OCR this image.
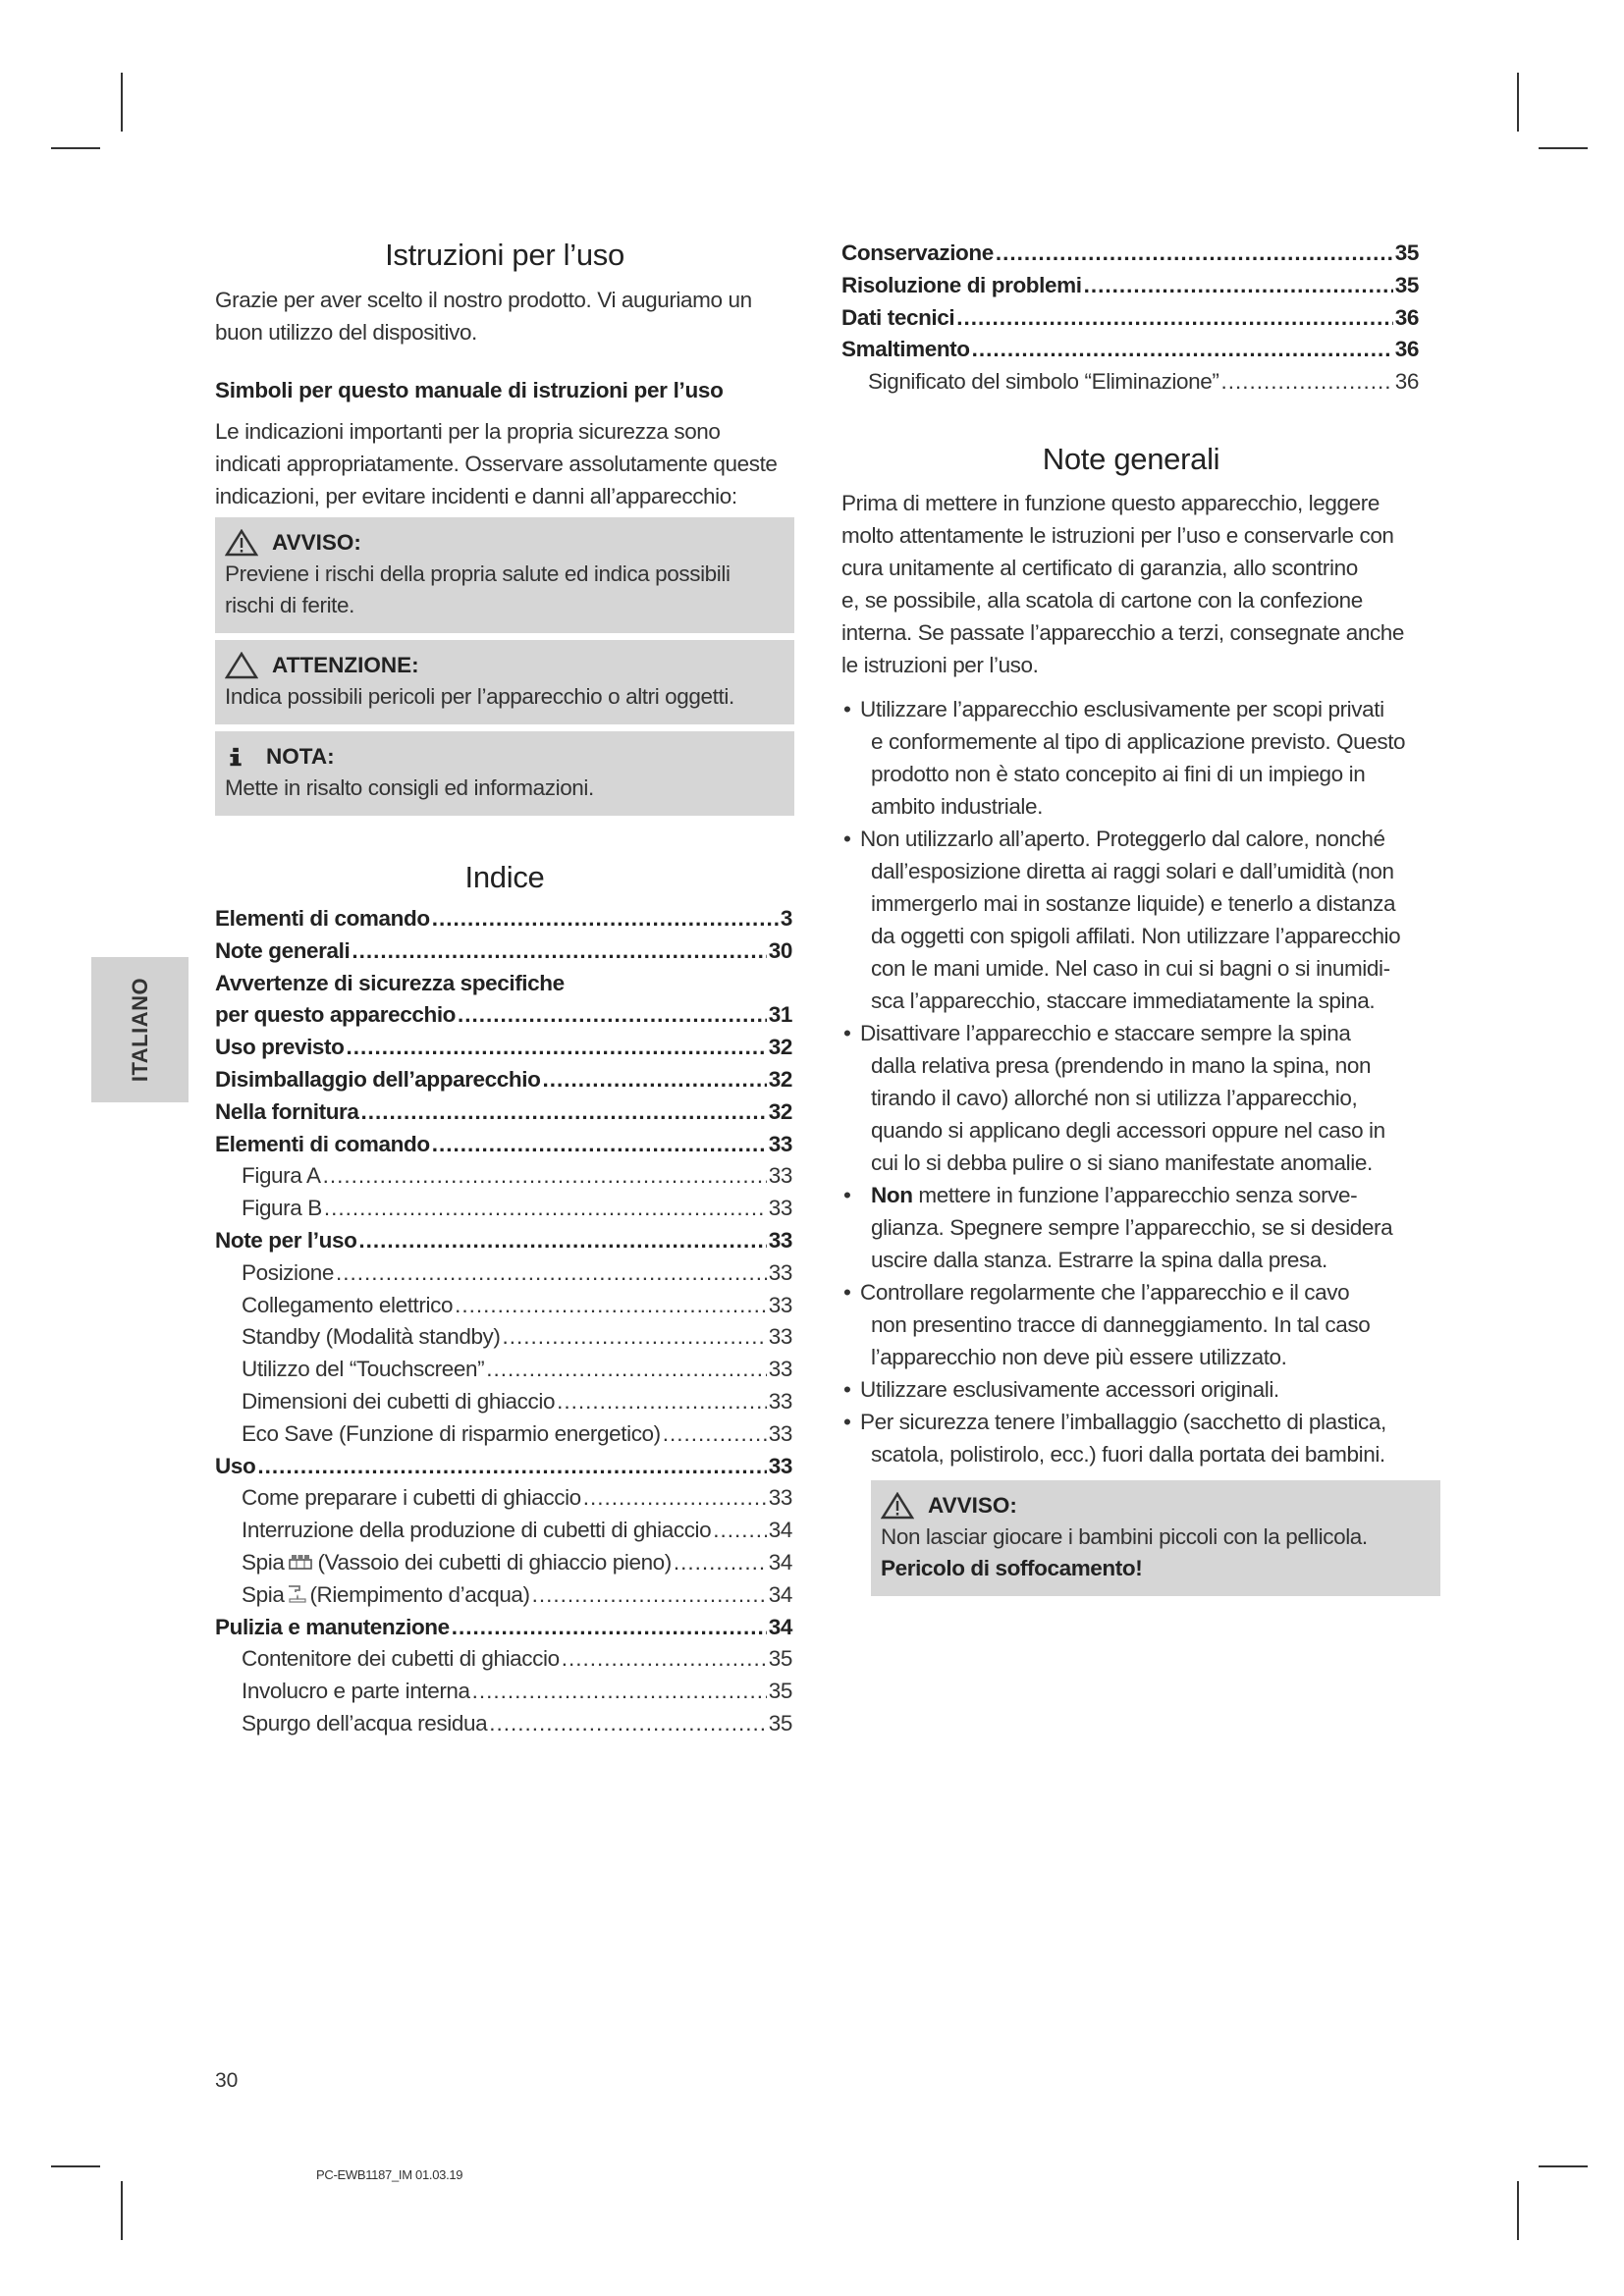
ITALIANO
Istruzioni per l’uso
Grazie per aver scelto il nostro prodotto. Vi auguriamo un
buon utilizzo del dispositivo.
Simboli per questo manuale di istruzioni per l’uso
Le indicazioni importanti per la propria sicurezza sono
indicati appropriatamente. Osservare assolutamente queste
indicazioni, per evitare incidenti e danni all’apparecchio:
AVVISO:
Previene i rischi della propria salute ed indica possibili
rischi di ferite.
ATTENZIONE:
Indica possibili pericoli per l’apparecchio o altri oggetti.
NOTA:
Mette in risalto consigli ed informazioni.
Indice
Elementi di comando .....	3
Note generali .....	30
Avvertenze di sicurezza specifiche
per questo apparecchio .....	31
Uso previsto .....	32
Disimballaggio dell’apparecchio .....	32
Nella fornitura .....	32
Elementi di comando .....	33
Figura A .....	33
Figura B .....	33
Note per l’uso .....	33
Posizione .....	33
Collegamento elettrico .....	33
Standby (Modalità standby) .....	33
Utilizzo del “Touchscreen” .....	33
Dimensioni dei cubetti di ghiaccio .....	33
Eco Save (Funzione di risparmio energetico) .....	33
Uso .....	33
Come preparare i cubetti di ghiaccio .....	33
Interruzione della produzione di cubetti di ghiaccio .....	34
Spia (Vassoio dei cubetti di ghiaccio pieno) .....	34
Spia (Riempimento d’acqua) .....	34
Pulizia e manutenzione .....	34
Contenitore dei cubetti di ghiaccio .....	35
Involucro e parte interna .....	35
Spurgo dell’acqua residua .....	35
Conservazione .....	35
Risoluzione di problemi .....	35
Dati tecnici .....	36
Smaltimento .....	36
Significato del simbolo “Eliminazione” .....	36
Note generali
Prima di mettere in funzione questo apparecchio, leggere
molto attentamente le istruzioni per l’uso e conservarle con
cura unitamente al certificato di garanzia, allo scontrino
e, se possibile, alla scatola di cartone con la confezione
interna. Se passate l’apparecchio a terzi, consegnate anche
le istruzioni per l’uso.
• Utilizzare l’apparecchio esclusivamente per scopi privati
e conformemente al tipo di applicazione previsto. Questo
prodotto non è stato concepito ai fini di un impiego in
ambito industriale.
• Non utilizzarlo all’aperto. Proteggerlo dal calore, nonché
dall’esposizione diretta ai raggi solari e dall’umidità (non
immergerlo mai in sostanze liquide) e tenerlo a distanza
da oggetti con spigoli affilati. Non utilizzare l’apparecchio
con le mani umide. Nel caso in cui si bagni o si inumidi-
sca l’apparecchio, staccare immediatamente la spina.
• Disattivare l’apparecchio e staccare sempre la spina
dalla relativa presa (prendendo in mano la spina, non
tirando il cavo) allorché non si utilizza l’apparecchio,
quando si applicano degli accessori oppure nel caso in
cui lo si debba pulire o si siano manifestate anomalie.
• Non mettere in funzione l’apparecchio senza sorve-
glianza. Spegnere sempre l’apparecchio, se si desidera
uscire dalla stanza. Estrarre la spina dalla presa.
• Controllare regolarmente che l’apparecchio e il cavo
non presentino tracce di danneggiamento. In tal caso
l’apparecchio non deve più essere utilizzato.
• Utilizzare esclusivamente accessori originali.
• Per sicurezza tenere l’imballaggio (sacchetto di plastica,
scatola, polistirolo, ecc.) fuori dalla portata dei bambini.
AVVISO:
Non lasciar giocare i bambini piccoli con la pellicola.
Pericolo di soffocamento!
30
PC-EWB1187_IM 01.03.19
